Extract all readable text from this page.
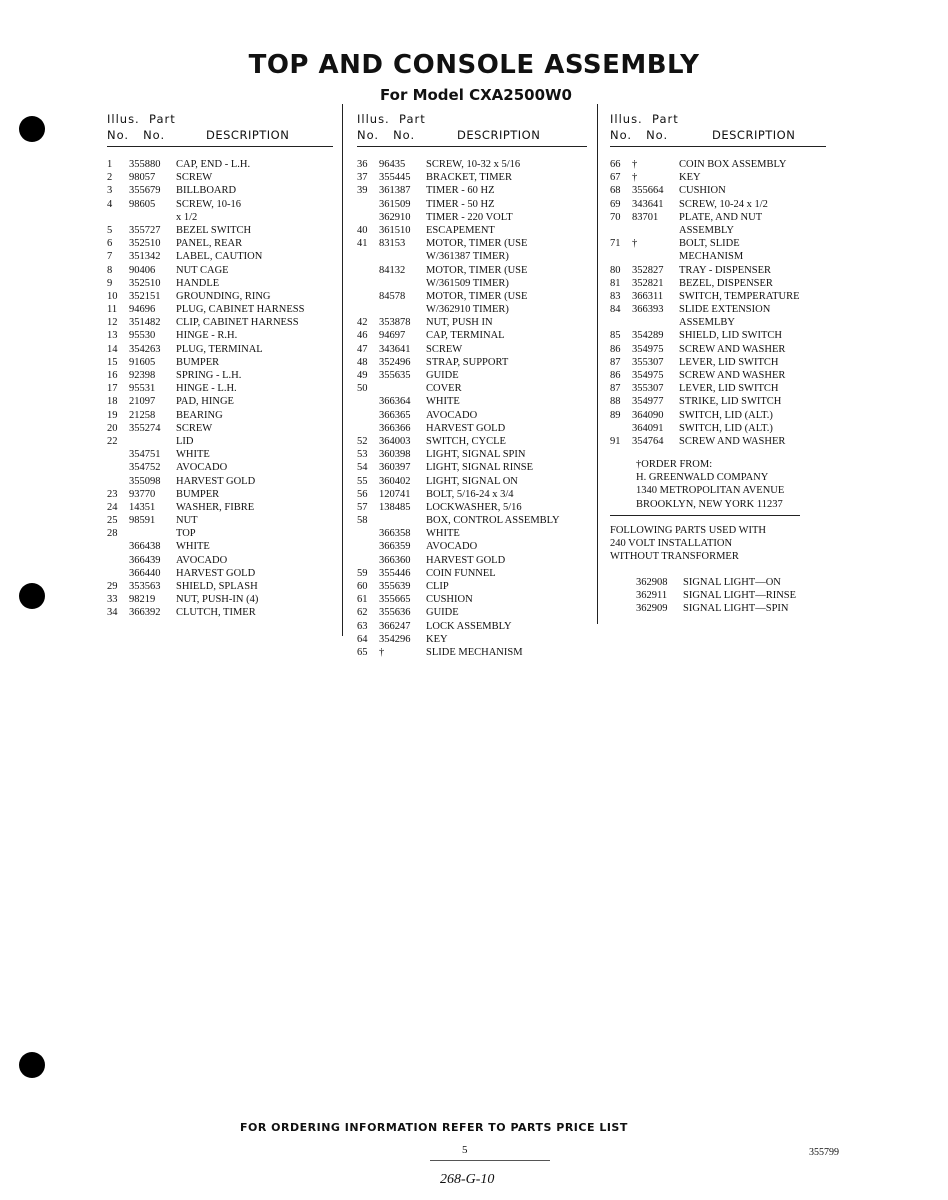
TOP AND CONSOLE ASSEMBLY
For Model CXA2500W0
Illus. Part
No. No.	DESCRIPTION
1 355880 CAP, END - L.H.
2 98057 SCREW
3 355679 BILLBOARD
4 98605 SCREW, 10-16
x 1/2
5 355727 BEZEL SWITCH
6 352510 PANEL, REAR
7 351342 LABEL, CAUTION
8 90406 NUT CAGE
9 352510 HANDLE
10 352151 GROUNDING, RING
11 94696 PLUG, CABINET HARNESS
12 351482 CLIP, CABINET HARNESS
13 95530 HINGE - R.H.
14 354263 PLUG, TERMINAL
15 91605 BUMPER
16 92398 SPRING - L.H.
17 95531 HINGE - L.H.
18 21097 PAD, HINGE
19 21258 BEARING
20 355274 SCREW
22	LID
354751 WHITE
354752 AVOCADO
355098 HARVEST GOLD
23 93770 BUMPER
24 14351 WASHER, FIBRE
25 98591 NUT
28	TOP
366438 WHITE
366439 AVOCADO
366440 HARVEST GOLD
29 353563 SHIELD, SPLASH
33 98219 NUT, PUSH-IN (4)
34 366392 CLUTCH, TIMER
Illus. Part
No. No.	DESCRIPTION
36 96435 SCREW, 10-32 x 5/16
37 355445 BRACKET, TIMER
39 361387 TIMER - 60 HZ
361509 TIMER - 50 HZ
362910 TIMER - 220 VOLT
40 361510 ESCAPEMENT
41 83153 MOTOR, TIMER (USE
W/361387 TIMER)
84132 MOTOR, TIMER (USE
W/361509 TIMER)
84578 MOTOR, TIMER (USE
W/362910 TIMER)
42 353878 NUT, PUSH IN
46 94697 CAP, TERMINAL
47 343641 SCREW
48 352496 STRAP, SUPPORT
49 355635 GUIDE
50	COVER
366364 WHITE
366365 AVOCADO
366366 HARVEST GOLD
52 364003 SWITCH, CYCLE
53 360398 LIGHT, SIGNAL SPIN
54 360397 LIGHT, SIGNAL RINSE
55 360402 LIGHT, SIGNAL ON
56 120741 BOLT, 5/16-24 x 3/4
57 138485 LOCKWASHER, 5/16
58	BOX, CONTROL ASSEMBLY
366358 WHITE
366359 AVOCADO
366360 HARVEST GOLD
59 355446 COIN FUNNEL
60 355639 CLIP
61 355665 CUSHION
62 355636 GUIDE
63 366247 LOCK ASSEMBLY
64 354296 KEY
65 †	SLIDE MECHANISM
Illus. Part
No. No.	DESCRIPTION
66 †	COIN BOX ASSEMBLY
67 †	KEY
68 355664 CUSHION
69 343641 SCREW, 10-24 x 1/2
70 83701 PLATE, AND NUT
ASSEMBLY
71 †	BOLT, SLIDE
MECHANISM
80 352827 TRAY - DISPENSER
81 352821 BEZEL, DISPENSER
83 366311 SWITCH, TEMPERATURE
84 366393 SLIDE EXTENSION
ASSEMLBY
85 354289 SHIELD, LID SWITCH
86 354975 SCREW AND WASHER
87 355307 LEVER, LID SWITCH
86 354975 SCREW AND WASHER
87 355307 LEVER, LID SWITCH
88 354977 STRIKE, LID SWITCH
89 364090 SWITCH, LID (ALT.)
364091 SWITCH, LID (ALT.)
91 354764 SCREW AND WASHER
†ORDER FROM:
H. GREENWALD COMPANY
1340 METROPOLITAN AVENUE
BROOKLYN, NEW YORK 11237
FOLLOWING PARTS USED WITH
240 VOLT INSTALLATION
WITHOUT TRANSFORMER
362908 SIGNAL LIGHT—ON
362911 SIGNAL LIGHT—RINSE
362909 SIGNAL LIGHT—SPIN
FOR ORDERING INFORMATION REFER TO PARTS PRICE LIST
5
268-G-10
355799
